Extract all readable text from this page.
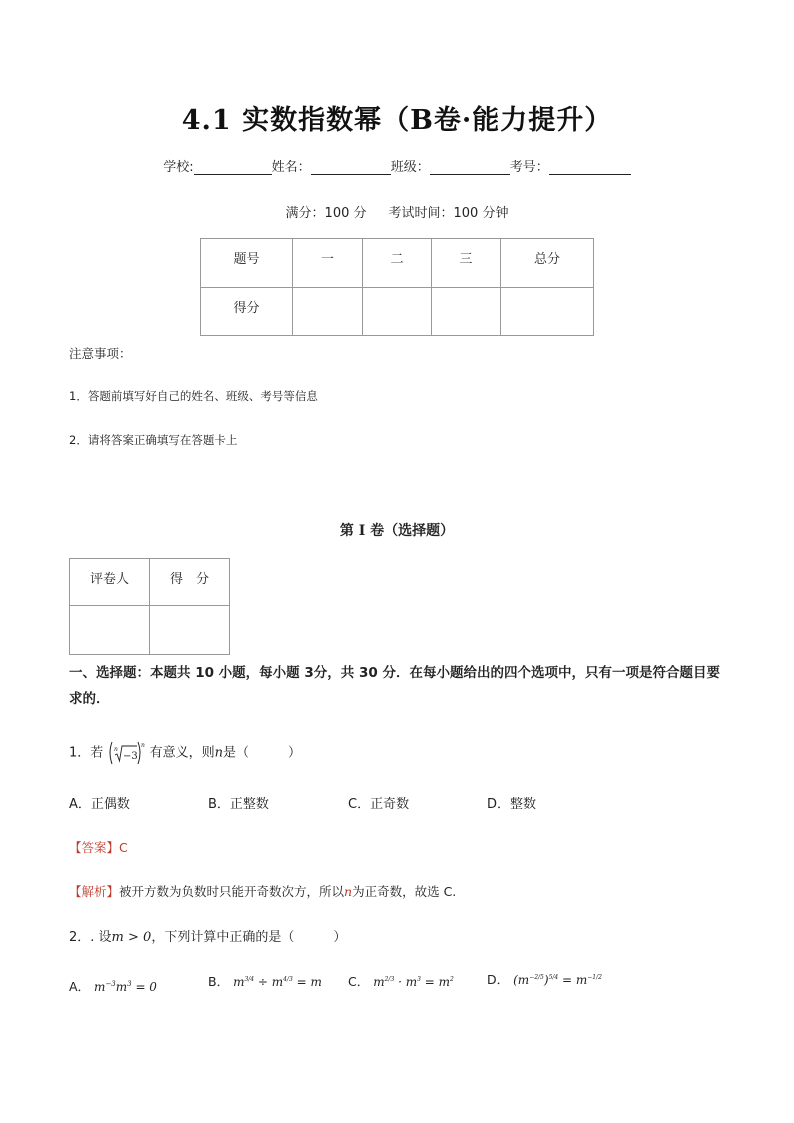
4.1 实数指数幂（B卷·能力提升）
学校:	姓名：	班级：	考号：
满分：100 分 考试时间：100 分钟
题号	一	二	三	总分
得分				
注意事项：
1．答题前填写好自己的姓名、班级、考号等信息
2．请将答案正确填写在答题卡上
第 I 卷（选择题）
评卷人	得　分

一、选择题：本题共 10 小题，每小题 3分，共 30 分．在每小题给出的四个选项中，只有一项是符合题目要求的．
1．若 n
−3
n 有意义，则n是（　　　）
A．正偶数	B．正整数	C．正奇数	D．整数
【答案】C
【解析】被开方数为负数时只能开奇数次方，所以n为正奇数，故选 C.
2．. 设m > 0，下列计算中正确的是（　　　）
A． $m^{-3}m^3 = 0$	B． $m^{3/4} \div m^{4/3} = m$ C． $m^{2/3} \cdot m^3 = m^2$	D． $(m^{-2/5})^{5/4} = m^{-1/2}$
